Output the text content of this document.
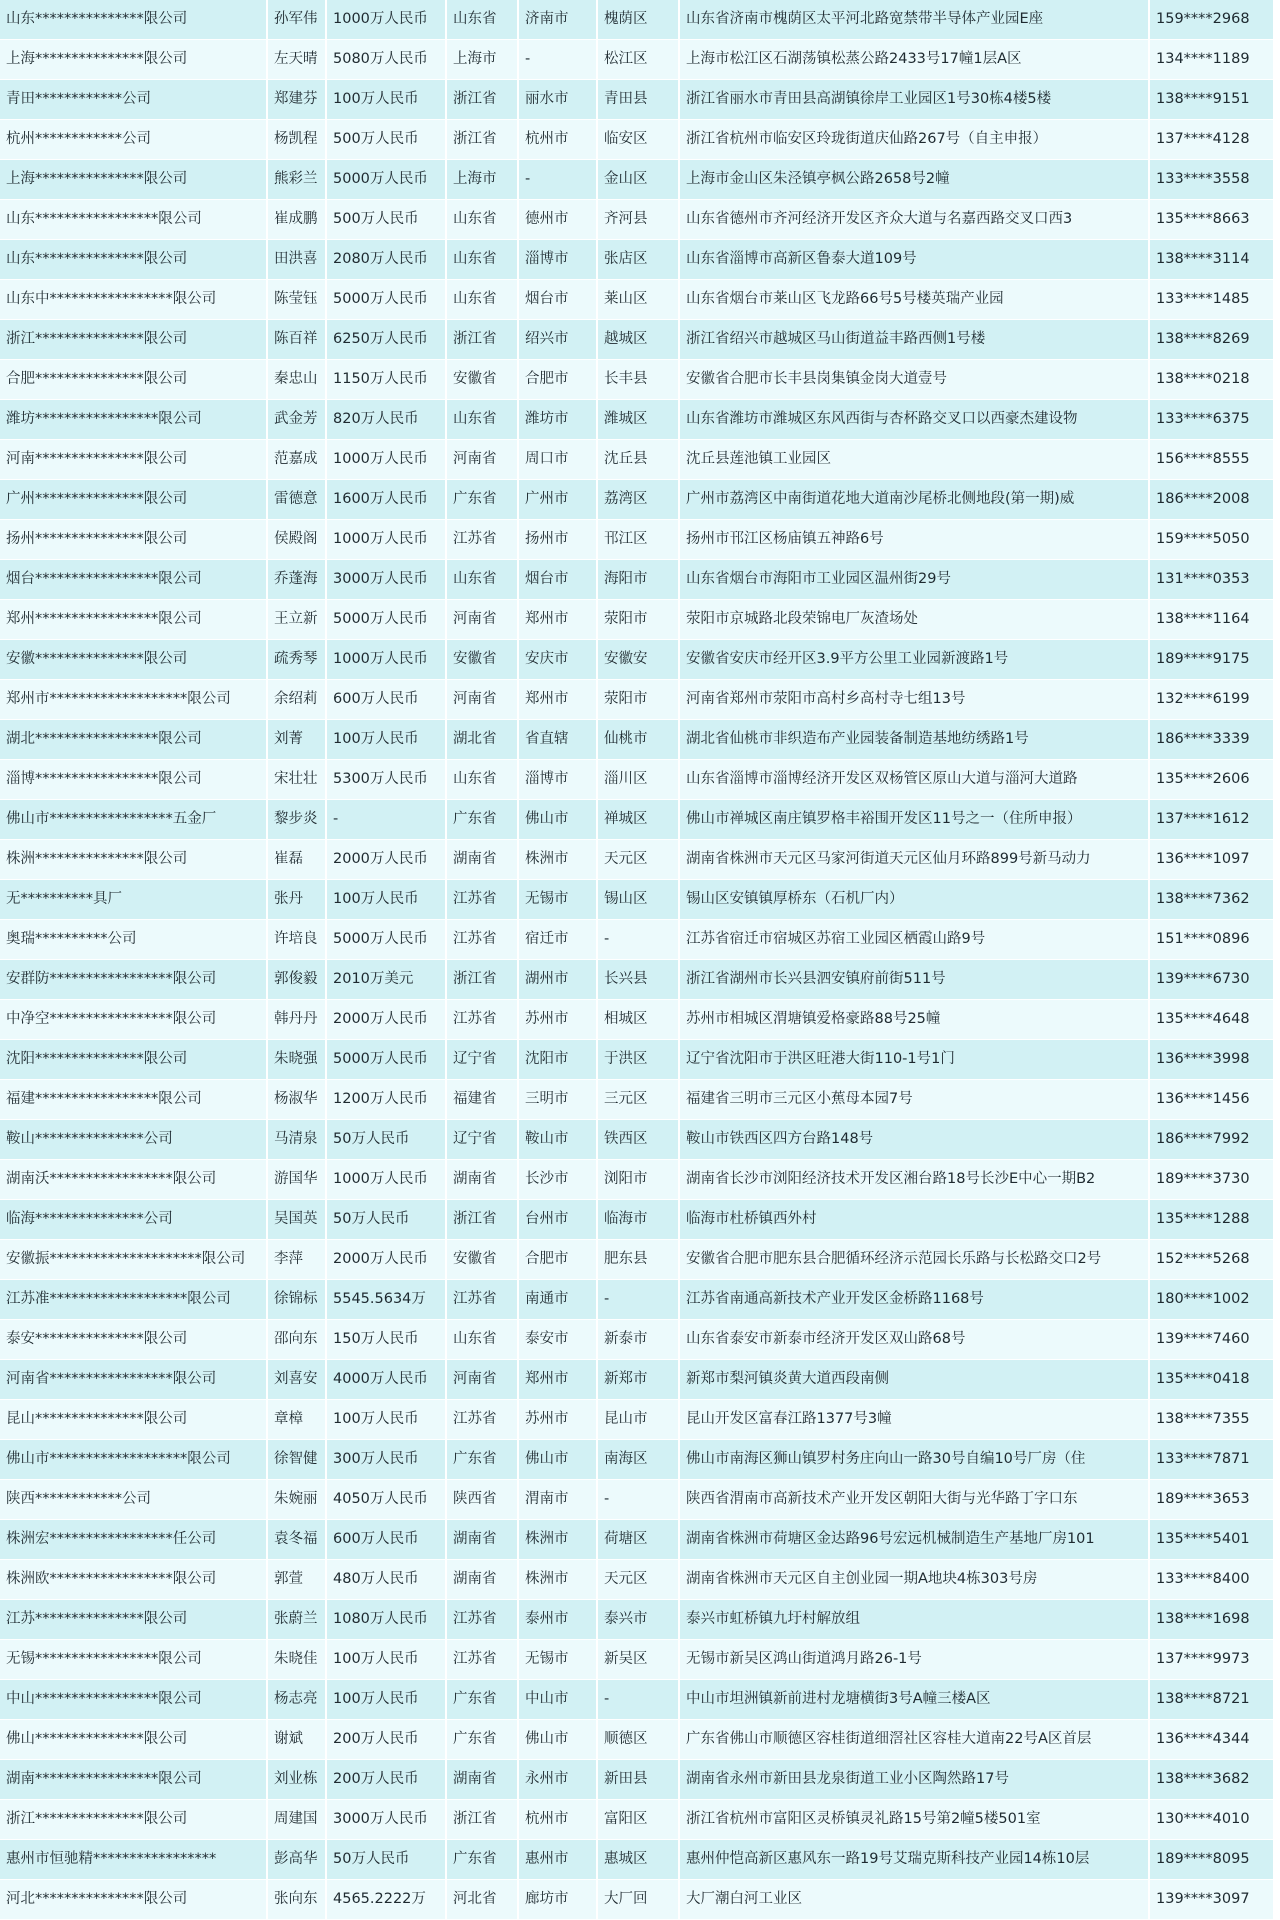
山东***************限公司	孙军伟	1000万人民币	山东省	济南市	槐荫区	山东省济南市槐荫区太平河北路宽禁带半导体产业园E座	159****2968
上海***************限公司	左天晴	5080万人民币	上海市	-	松江区	上海市松江区石湖荡镇松蒸公路2433号17幢1层A区	134****1189
青田************公司	郑建芬	100万人民币	浙江省	丽水市	青田县	浙江省丽水市青田县高湖镇徐岸工业园区1号30栋4楼5楼	138****9151
杭州************公司	杨凯程	500万人民币	浙江省	杭州市	临安区	浙江省杭州市临安区玲珑街道庆仙路267号（自主申报）	137****4128
上海***************限公司	熊彩兰	5000万人民币	上海市	-	金山区	上海市金山区朱泾镇亭枫公路2658号2幢	133****3558
山东*****************限公司	崔成鹏	500万人民币	山东省	德州市	齐河县	山东省德州市齐河经济开发区齐众大道与名嘉西路交叉口西3	135****8663
山东***************限公司	田洪喜	2080万人民币	山东省	淄博市	张店区	山东省淄博市高新区鲁泰大道109号	138****3114
山东中*****************限公司	陈莹钰	5000万人民币	山东省	烟台市	莱山区	山东省烟台市莱山区飞龙路66号5号楼英瑞产业园	133****1485
浙江***************限公司	陈百祥	6250万人民币	浙江省	绍兴市	越城区	浙江省绍兴市越城区马山街道益丰路西侧1号楼	138****8269
合肥***************限公司	秦忠山	1150万人民币	安徽省	合肥市	长丰县	安徽省合肥市长丰县岗集镇金岗大道壹号	138****0218
潍坊*****************限公司	武金芳	820万人民币	山东省	潍坊市	潍城区	山东省潍坊市潍城区东风西街与杏杯路交叉口以西豪杰建设物	133****6375
河南***************限公司	范嘉成	1000万人民币	河南省	周口市	沈丘县	沈丘县莲池镇工业园区	156****8555
广州***************限公司	雷德意	1600万人民币	广东省	广州市	荔湾区	广州市荔湾区中南街道花地大道南沙尾桥北侧地段(第一期)威	186****2008
扬州***************限公司	侯殿阁	1000万人民币	江苏省	扬州市	邗江区	扬州市邗江区杨庙镇五神路6号	159****5050
烟台*****************限公司	乔蓬海	3000万人民币	山东省	烟台市	海阳市	山东省烟台市海阳市工业园区温州街29号	131****0353
郑州*****************限公司	王立新	5000万人民币	河南省	郑州市	荥阳市	荥阳市京城路北段荣锦电厂灰渣场处	138****1164
安徽***************限公司	疏秀琴	1000万人民币	安徽省	安庆市	安徽安	安徽省安庆市经开区3.9平方公里工业园新渡路1号	189****9175
郑州市*******************限公司	余绍莉	600万人民币	河南省	郑州市	荥阳市	河南省郑州市荥阳市高村乡高村寺七组13号	132****6199
湖北*****************限公司	刘菁	100万人民币	湖北省	省直辖	仙桃市	湖北省仙桃市非织造布产业园装备制造基地纺绣路1号	186****3339
淄博*****************限公司	宋壮壮	5300万人民币	山东省	淄博市	淄川区	山东省淄博市淄博经济开发区双杨管区原山大道与淄河大道路	135****2606
佛山市*****************五金厂	黎步炎	-	广东省	佛山市	禅城区	佛山市禅城区南庄镇罗格丰裕围开发区11号之一（住所申报）	137****1612
株洲***************限公司	崔磊	2000万人民币	湖南省	株洲市	天元区	湖南省株洲市天元区马家河街道天元区仙月环路899号新马动力	136****1097
无**********具厂	张丹	100万人民币	江苏省	无锡市	锡山区	锡山区安镇镇厚桥东（石机厂内）	138****7362
奥瑞**********公司	许培良	5000万人民币	江苏省	宿迁市	-	江苏省宿迁市宿城区苏宿工业园区栖霞山路9号	151****0896
安群防*****************限公司	郭俊毅	2010万美元	浙江省	湖州市	长兴县	浙江省湖州市长兴县泗安镇府前街511号	139****6730
中净空*****************限公司	韩丹丹	2000万人民币	江苏省	苏州市	相城区	苏州市相城区渭塘镇爱格豪路88号25幢	135****4648
沈阳***************限公司	朱晓强	5000万人民币	辽宁省	沈阳市	于洪区	辽宁省沈阳市于洪区旺港大街110-1号1门	136****3998
福建*****************限公司	杨淑华	1200万人民币	福建省	三明市	三元区	福建省三明市三元区小蕉母本园7号	136****1456
鞍山***************公司	马清泉	50万人民币	辽宁省	鞍山市	铁西区	鞍山市铁西区四方台路148号	186****7992
湖南沃*****************限公司	游国华	1000万人民币	湖南省	长沙市	浏阳市	湖南省长沙市浏阳经济技术开发区湘台路18号长沙E中心一期B2	189****3730
临海***************公司	吴国英	50万人民币	浙江省	台州市	临海市	临海市杜桥镇西外村	135****1288
安徽振*********************限公司	李萍	2000万人民币	安徽省	合肥市	肥东县	安徽省合肥市肥东县合肥循环经济示范园长乐路与长松路交口2号	152****5268
江苏准*******************限公司	徐锦标	5545.5634万	江苏省	南通市	-	江苏省南通高新技术产业开发区金桥路1168号	180****1002
泰安***************限公司	邵向东	150万人民币	山东省	泰安市	新泰市	山东省泰安市新泰市经济开发区双山路68号	139****7460
河南省*****************限公司	刘喜安	4000万人民币	河南省	郑州市	新郑市	新郑市梨河镇炎黄大道西段南侧	135****0418
昆山***************限公司	章樟	100万人民币	江苏省	苏州市	昆山市	昆山开发区富春江路1377号3幢	138****7355
佛山市*******************限公司	徐智健	300万人民币	广东省	佛山市	南海区	佛山市南海区狮山镇罗村务庄向山一路30号自编10号厂房（住	133****7871
陕西************公司	朱婉丽	4050万人民币	陕西省	渭南市	-	陕西省渭南市高新技术产业开发区朝阳大街与光华路丁字口东	189****3653
株洲宏*****************任公司	袁冬福	600万人民币	湖南省	株洲市	荷塘区	湖南省株洲市荷塘区金达路96号宏远机械制造生产基地厂房101	135****5401
株洲欧*****************限公司	郭萱	480万人民币	湖南省	株洲市	天元区	湖南省株洲市天元区自主创业园一期A地块4栋303号房	133****8400
江苏***************限公司	张蔚兰	1080万人民币	江苏省	泰州市	泰兴市	泰兴市虹桥镇九圩村解放组	138****1698
无锡*****************限公司	朱晓佳	100万人民币	江苏省	无锡市	新吴区	无锡市新吴区鸿山街道鸿月路26-1号	137****9973
中山*****************限公司	杨志亮	100万人民币	广东省	中山市	-	中山市坦洲镇新前进村龙塘横街3号A幢三楼A区	138****8721
佛山***************限公司	谢斌	200万人民币	广东省	佛山市	顺德区	广东省佛山市顺德区容桂街道细滘社区容桂大道南22号A区首层	136****4344
湖南*****************限公司	刘业栋	200万人民币	湖南省	永州市	新田县	湖南省永州市新田县龙泉街道工业小区陶然路17号	138****3682
浙江***************限公司	周建国	3000万人民币	浙江省	杭州市	富阳区	浙江省杭州市富阳区灵桥镇灵礼路15号第2幢5楼501室	130****4010
惠州市恒驰精*****************	彭高华	50万人民币	广东省	惠州市	惠城区	惠州仲恺高新区惠风东一路19号艾瑞克斯科技产业园14栋10层	189****8095
河北***************限公司	张向东	4565.2222万	河北省	廊坊市	大厂回	大厂潮白河工业区	139****3097
